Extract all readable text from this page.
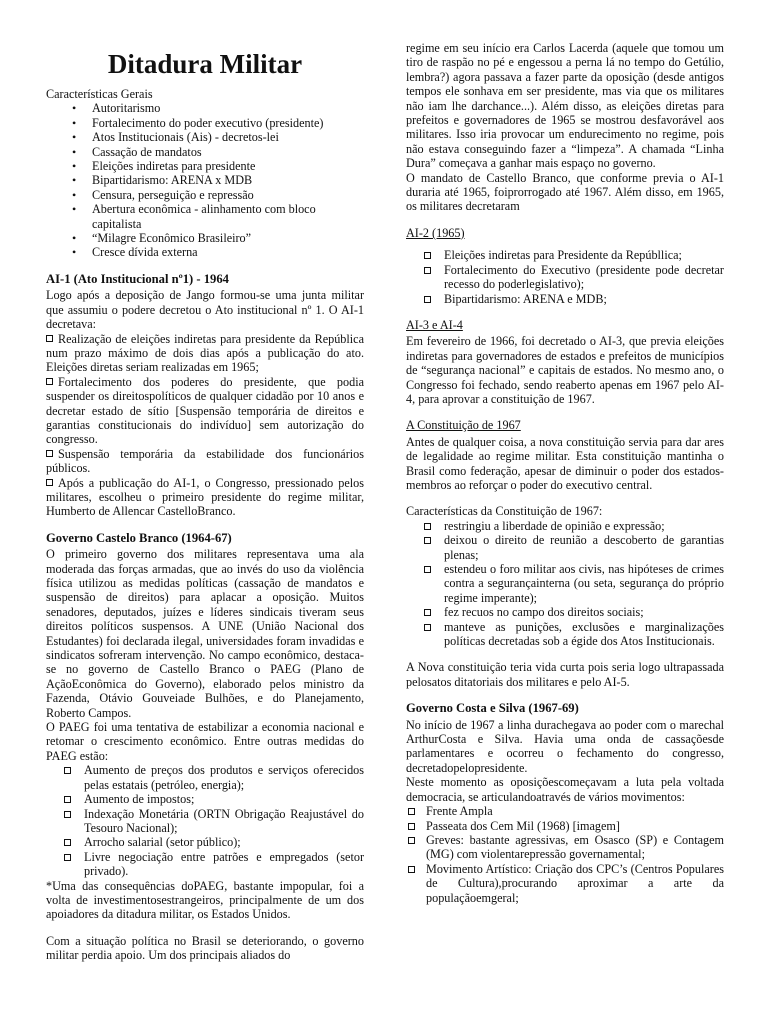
Ditadura Militar
Características Gerais
• Autoritarismo
• Fortalecimento do poder executivo (presidente)
• Atos Institucionais (Ais) - decretos-lei
• Cassação de mandatos
• Eleições indiretas para presidente
• Bipartidarismo: ARENA x MDB
• Censura, perseguição e repressão
• Abertura econômica - alinhamento com bloco capitalista
• “Milagre Econômico Brasileiro”
• Cresce dívida externa
AI-1 (Ato Institucional nº1) - 1964

Logo após a deposição de Jango formou-se uma junta militar que assumiu o podere decretou o Ato institucional nº 1. O AI-1 decretava:

Realização de eleições indiretas para presidente da República num prazo máximo de dois dias após a publicação do ato. Eleições diretas seriam realizadas em 1965;

Fortalecimento dos poderes do presidente, que podia suspender os direitospolíticos de qualquer cidadão por 10 anos e decretar estado de sítio [Suspensão temporária de direitos e garantias constitucionais do indivíduo] sem autorização do congresso.

Suspensão temporária da estabilidade dos funcionários públicos.

Após a publicação do AI-1, o Congresso, pressionado pelos militares, escolheu o primeiro presidente do regime militar, Humberto de Allencar CastelloBranco.

Governo Castelo Branco (1964-67)

O primeiro governo dos militares representava uma ala moderada das forças armadas, que ao invés do uso da violência física utilizou as medidas políticas (cassação de mandatos e suspensão de direitos) para aplacar a oposição. Muitos senadores, deputados, juízes e líderes sindicais tiveram seus direitos políticos suspensos. A UNE (União Nacional dos Estudantes) foi declarada ilegal, universidades foram invadidas e sindicatos sofreram intervenção. No campo econômico, destaca-se no governo de Castello Branco o PAEG (Plano de AçãoEconômica do Governo), elaborado pelos ministro da Fazenda, Otávio Gouveiade Bulhões, e do Planejamento, Roberto Campos.

O PAEG foi uma tentativa de estabilizar a economia nacional e retomar o crescimento econômico. Entre outras medidas do PAEG estão:

Aumento de preços dos produtos e serviços oferecidos pelas estatais (petróleo, energia);
Aumento de impostos;
Indexação Monetária (ORTN Obrigação Reajustável do Tesouro Nacional);
Arrocho salarial (setor público);
Livre negociação entre patrões e empregados (setor privado).

*Uma das consequências doPAEG, bastante impopular, foi a volta de investimentosestrangeiros, principalmente de um dos apoiadores da ditadura militar, os Estados Unidos.

Com a situação política no Brasil se deteriorando, o governo militar perdia apoio. Um dos principais aliados do

regime em seu início era Carlos Lacerda (aquele que tomou um tiro de raspão no pé e engessou a perna lá no tempo do Getúlio, lembra?) agora passava a fazer parte da oposição (desde antigos tempos ele sonhava em ser presidente, mas via que os militares não iam lhe darchance...). Além disso, as eleições diretas para prefeitos e governadores de 1965 se mostrou desfavorável aos militares. Isso iria provocar um endurecimento no regime, pois não estava conseguindo fazer a “limpeza”. A chamada “Linha Dura” começava a ganhar mais espaço no governo.

O mandato de Castello Branco, que conforme previa o AI-1 duraria até 1965, foiprorrogado até 1967. Além disso, em 1965, os militares decretaram

AI-2 (1965)
Eleições indiretas para Presidente da Repúbllica;
Fortalecimento do Executivo (presidente pode decretar recesso do poderlegislativo);
Bipartidarismo: ARENA e MDB;
AI-3 e AI-4

Em fevereiro de 1966, foi decretado o AI-3, que previa eleições indiretas para governadores de estados e prefeitos de municípios de “segurança nacional” e capitais de estados. No mesmo ano, o Congresso foi fechado, sendo reaberto apenas em 1967 pelo AI-4, para aprovar a constituição de 1967.

A Constituição de 1967

Antes de qualquer coisa, a nova constituição servia para dar ares de legalidade ao regime militar. Esta constituição mantinha o Brasil como federação, apesar de diminuir o poder dos estados-membros ao reforçar o poder do executivo central.

Características da Constituição de 1967:

restringiu a liberdade de opinião e expressão;
deixou o direito de reunião a descoberto de garantias plenas;
estendeu o foro militar aos civis, nas hipóteses de crimes contra a segurançainterna (ou seta, segurança do próprio regime imperante);
fez recuos no campo dos direitos sociais;
manteve as punições, exclusões e marginalizações políticas decretadas sob a égide dos Atos Institucionais.

A Nova constituição teria vida curta pois seria logo ultrapassada pelosatos ditatoriais dos militares e pelo AI-5.

Governo Costa e Silva (1967-69)

No início de 1967 a linha durachegava ao poder com o marechal ArthurCosta e Silva. Havia uma onda de cassaçõesde parlamentares e ocorreu o fechamento do congresso, decretadopelopresidente.

Neste momento as oposiçõescomeçavam a luta pela voltada democracia, se articulandoatravés de vários movimentos:

Frente Ampla
Passeata dos Cem Mil (1968) [imagem]
Greves: bastante agressivas, em Osasco (SP) e Contagem (MG) com violentarepressão governamental;
Movimento Artístico: Criação dos CPC’s (Centros Populares de Cultura),procurando aproximar a arte da populaçãoemgeral;
